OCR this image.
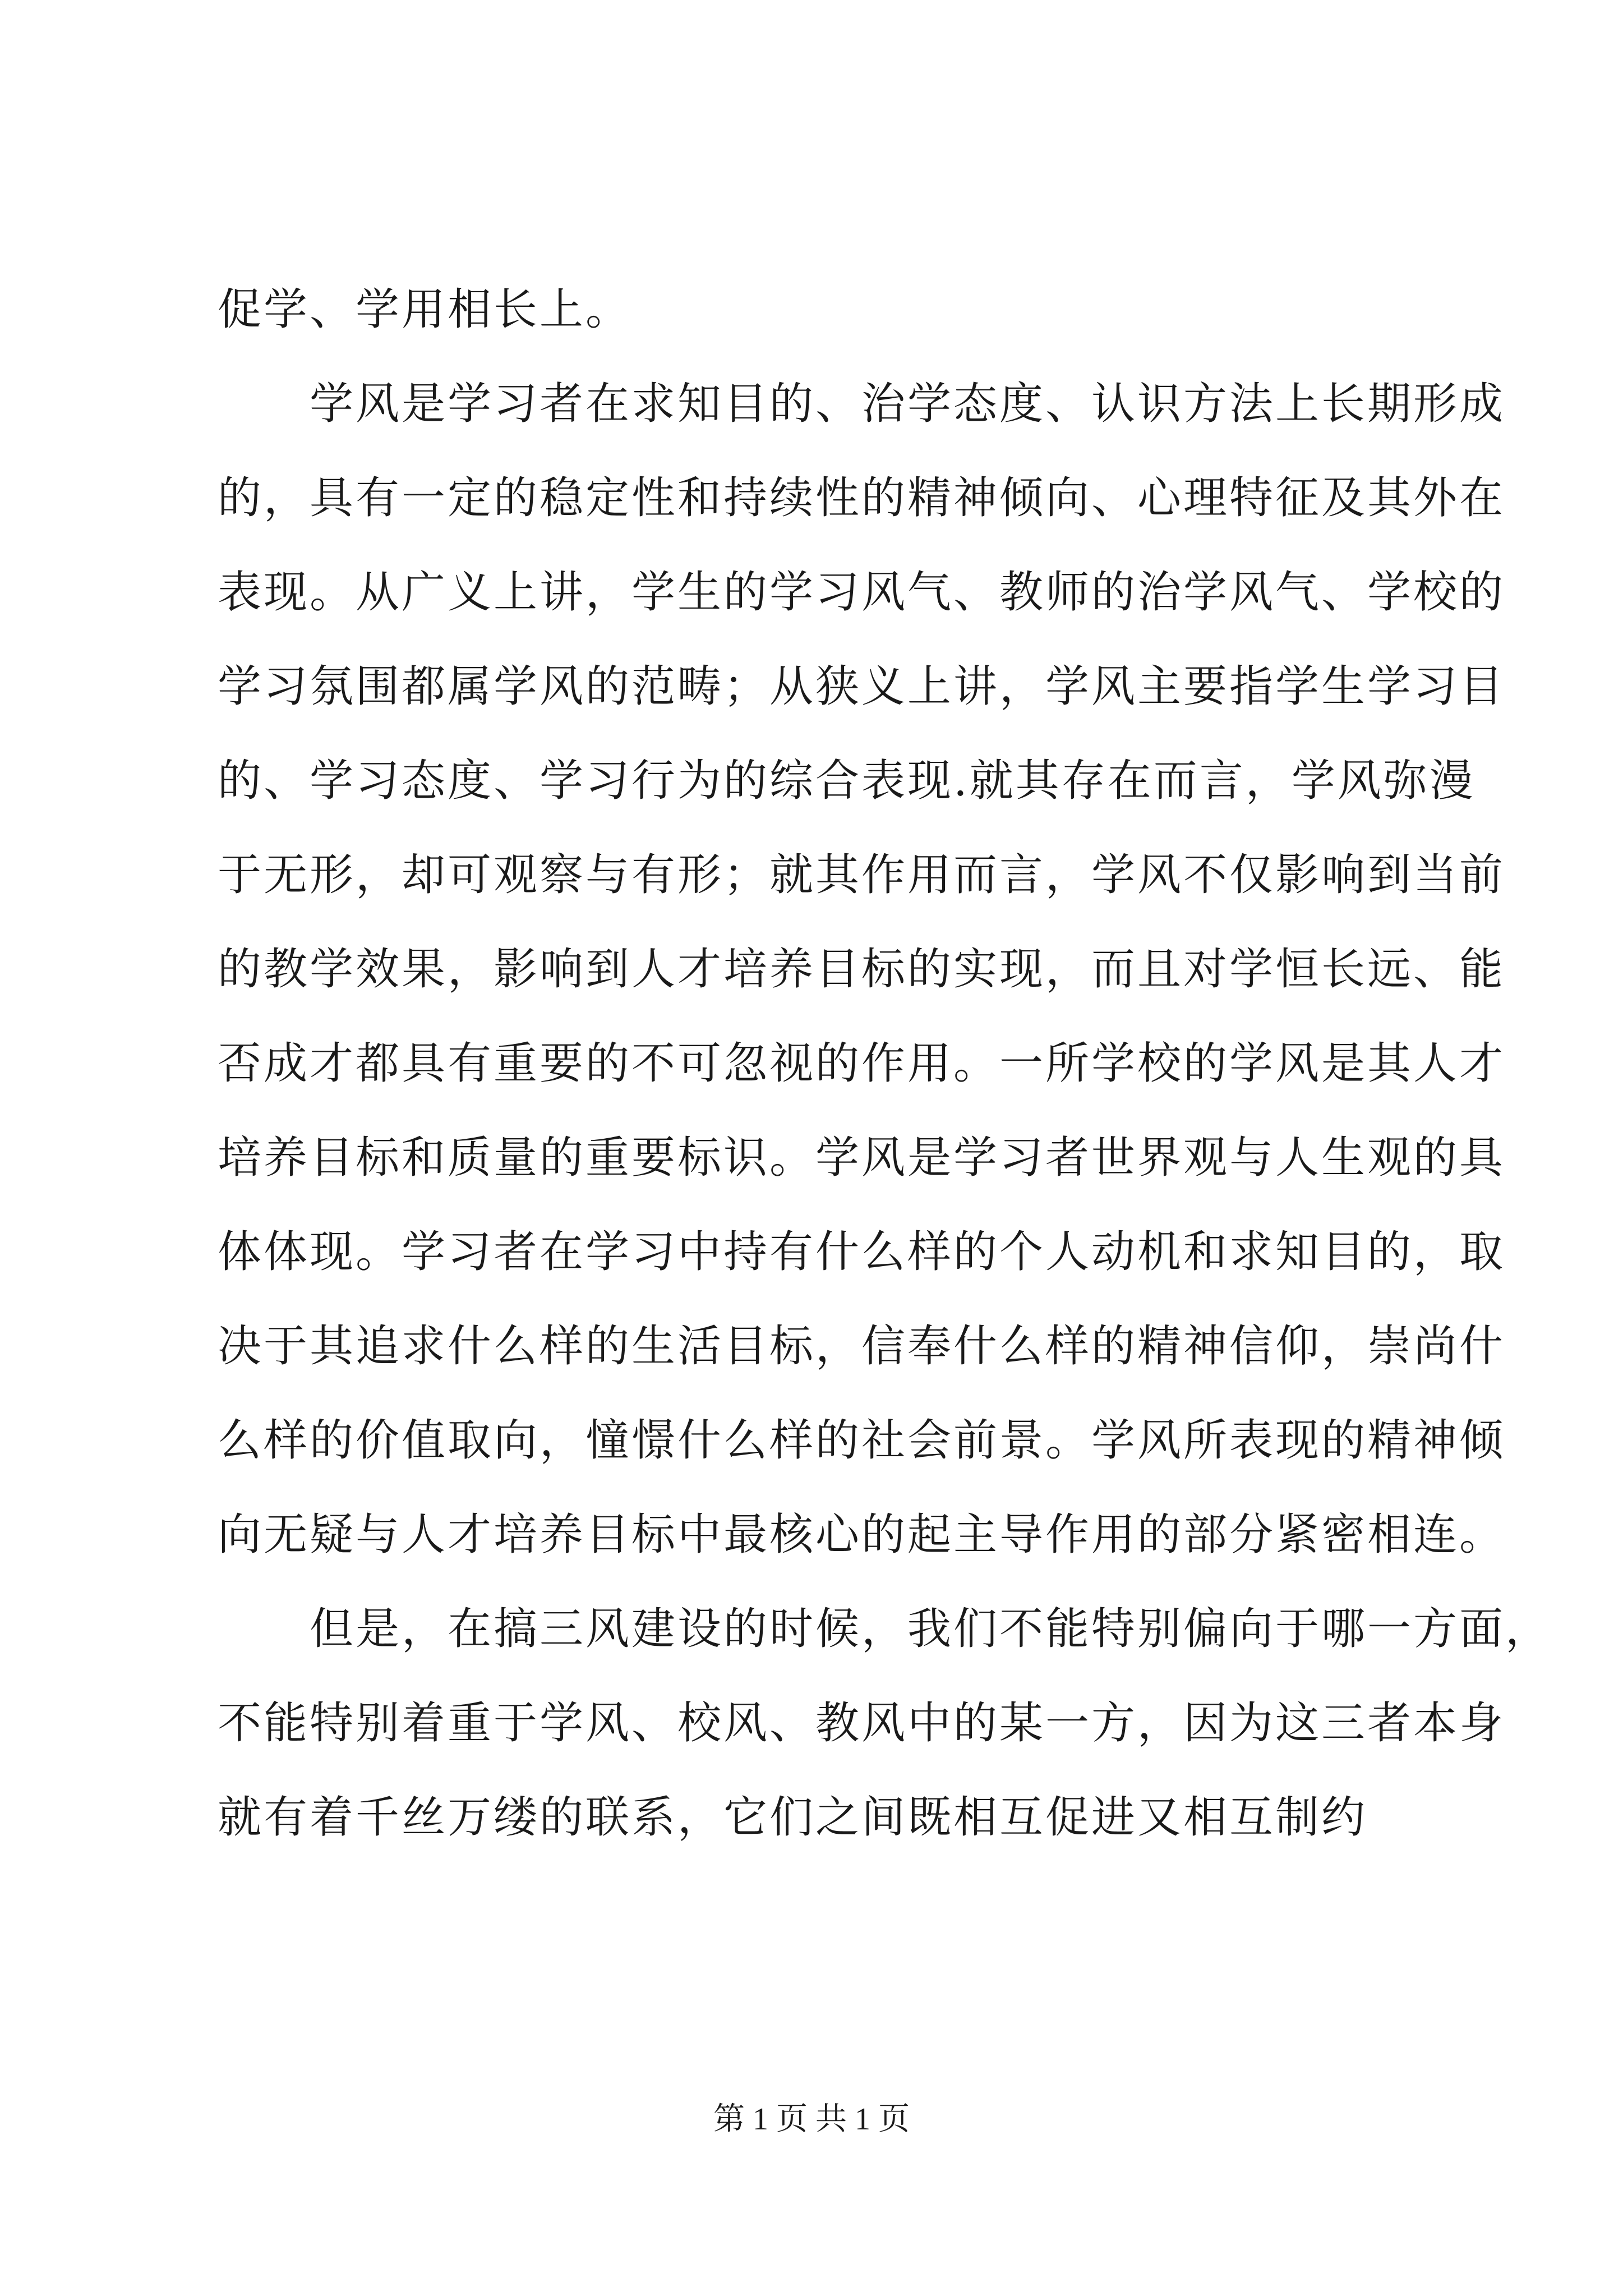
促学、学用相长上。
　　学风是学习者在求知目的、治学态度、认识方法上长期形成
的，具有一定的稳定性和持续性的精神倾向、心理特征及其外在
表现。从广义上讲，学生的学习风气、教师的治学风气、学校的
学习氛围都属学风的范畴；从狭义上讲，学风主要指学生学习目
的、学习态度、学习行为的综合表现.就其存在而言，学风弥漫
于无形，却可观察与有形；就其作用而言，学风不仅影响到当前
的教学效果，影响到人才培养目标的实现，而且对学恒长远、能
否成才都具有重要的不可忽视的作用。一所学校的学风是其人才
培养目标和质量的重要标识。学风是学习者世界观与人生观的具
体体现。学习者在学习中持有什么样的个人动机和求知目的，取
决于其追求什么样的生活目标，信奉什么样的精神信仰，崇尚什
么样的价值取向，憧憬什么样的社会前景。学风所表现的精神倾
向无疑与人才培养目标中最核心的起主导作用的部分紧密相连。
　　但是，在搞三风建设的时候，我们不能特别偏向于哪一方面，
不能特别着重于学风、校风、教风中的某一方，因为这三者本身
就有着千丝万缕的联系，它们之间既相互促进又相互制约
第 1 页 共 1 页
